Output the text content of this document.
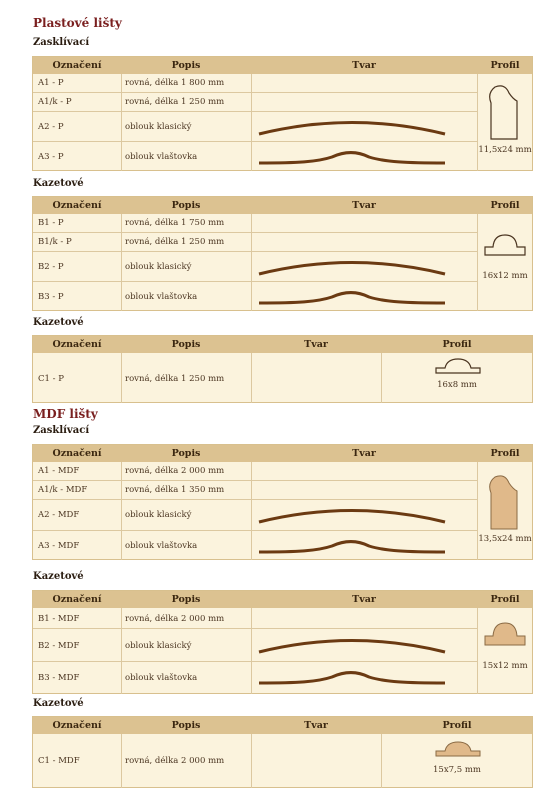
Plastové lišty
Zasklívací
Označení	Popis	Tvar	Profil
A1 - P	rovná, délka 1 800 mm
A1/k - P	rovná, délka 1 250 mm
A2 - P	oblouk klasický
A3 - P	oblouk vlaštovka
11,5x24 mm
Kazetové
Označení	Popis	Tvar	Profil
B1 - P	rovná, délka 1 750 mm
B1/k - P	rovná, délka 1 250 mm
B2 - P	oblouk klasický
B3 - P	oblouk vlaštovka
16x12 mm
Kazetové
Označení	Popis	Tvar	Profil
C1 - P	rovná, délka 1 250 mm
16x8 mm
MDF lišty
Zasklívací
Označení	Popis	Tvar	Profil
A1 - MDF	rovná, délka 2 000 mm
A1/k - MDF	rovná, délka 1 350 mm
A2 - MDF	oblouk klasický
A3 - MDF	oblouk vlaštovka
13,5x24 mm
Kazetové
Označení	Popis	Tvar	Profil
B1 - MDF	rovná, délka 2 000 mm
B2 - MDF	oblouk klasický
B3 - MDF	oblouk vlaštovka
15x12 mm
Kazetové
Označení	Popis	Tvar	Profil
C1 - MDF	rovná, délka 2 000 mm
15x7,5 mm
